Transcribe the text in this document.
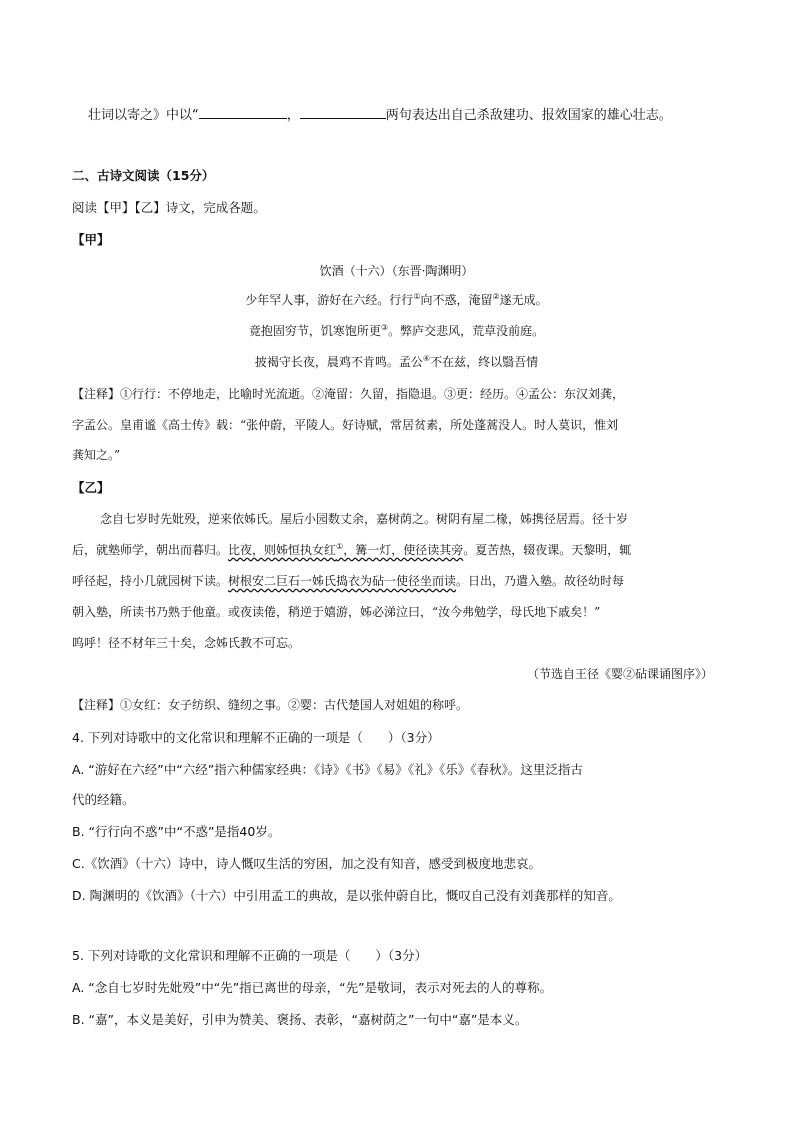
壮词以寄之》中以“	，	两句表达出自己杀敌建功、报效国家的雄心壮志。
二、古诗文阅读（15分）
阅读【甲】【乙】诗文，完成各题。
【甲】
饮酒（十六）（东晋·陶渊明）
少年罕人事，游好在六经。行行①向不惑，淹留②遂无成。
竟抱固穷节，饥寒饱所更③。弊庐交悲风，荒草没前庭。
披褐守长夜，晨鸡不肯鸣。孟公④不在兹，终以翳吾情
【注释】①行行：不停地走，比喻时光流逝。②淹留：久留，指隐退。③更：经历。④孟公：东汉刘龚，
字孟公。皇甫谧《高士传》载：“张仲蔚，平陵人。好诗赋，常居贫素，所处蓬蒿没人。时人莫识，惟刘
龚知之。”
【乙】
念自七岁时先妣殁，逆来依姊氏。屋后小园数丈余，嘉树荫之。树阴有屋二椽，姊携径居焉。径十岁
后，就塾师学，朝出而暮归。比夜，则姊恒执女红①，篝一灯，使径读其旁。夏苦热，辍夜课。天黎明，辄
呼径起，持小几就园树下读。树根安二巨石一姊氏捣衣为砧一使径坐而读。日出，乃遣入塾。故径幼时每
朝入塾，所读书乃熟于他童。或夜读倦，稍逆于嬉游，姊必涕泣曰，“汝今弗勉学，母氏地下戚矣！”
呜呼！径不材年三十矣，念姊氏教不可忘。
（节选自王径《婴②砧课诵图序》）
【注释】①女红：女子纺织、缝纫之事。②婴：古代楚国人对姐姐的称呼。
4. 下列对诗歌中的文化常识和理解不正确的一项是（　　）（3分）
A. “游好在六经”中“六经”指六种儒家经典：《诗》《书》《易》《礼》《乐》《春秋》。这里泛指古
代的经籍。
B. “行行向不惑”中“不惑”是指40岁。
C.《饮酒》（十六）诗中，诗人慨叹生活的穷困，加之没有知音，感受到极度地悲哀。
D. 陶渊明的《饮酒》（十六）中引用孟工的典故，是以张仲蔚自比，慨叹自己没有刘龚那样的知音。
5. 下列对诗歌的文化常识和理解不正确的一项是（　　）（3分）
A. “念自七岁时先妣殁”中“先”指已离世的母亲，“先”是敬词，表示对死去的人的尊称。
B. “嘉”，本义是美好，引申为赞美、褒扬、表彰，“嘉树荫之”一句中“嘉”是本义。
